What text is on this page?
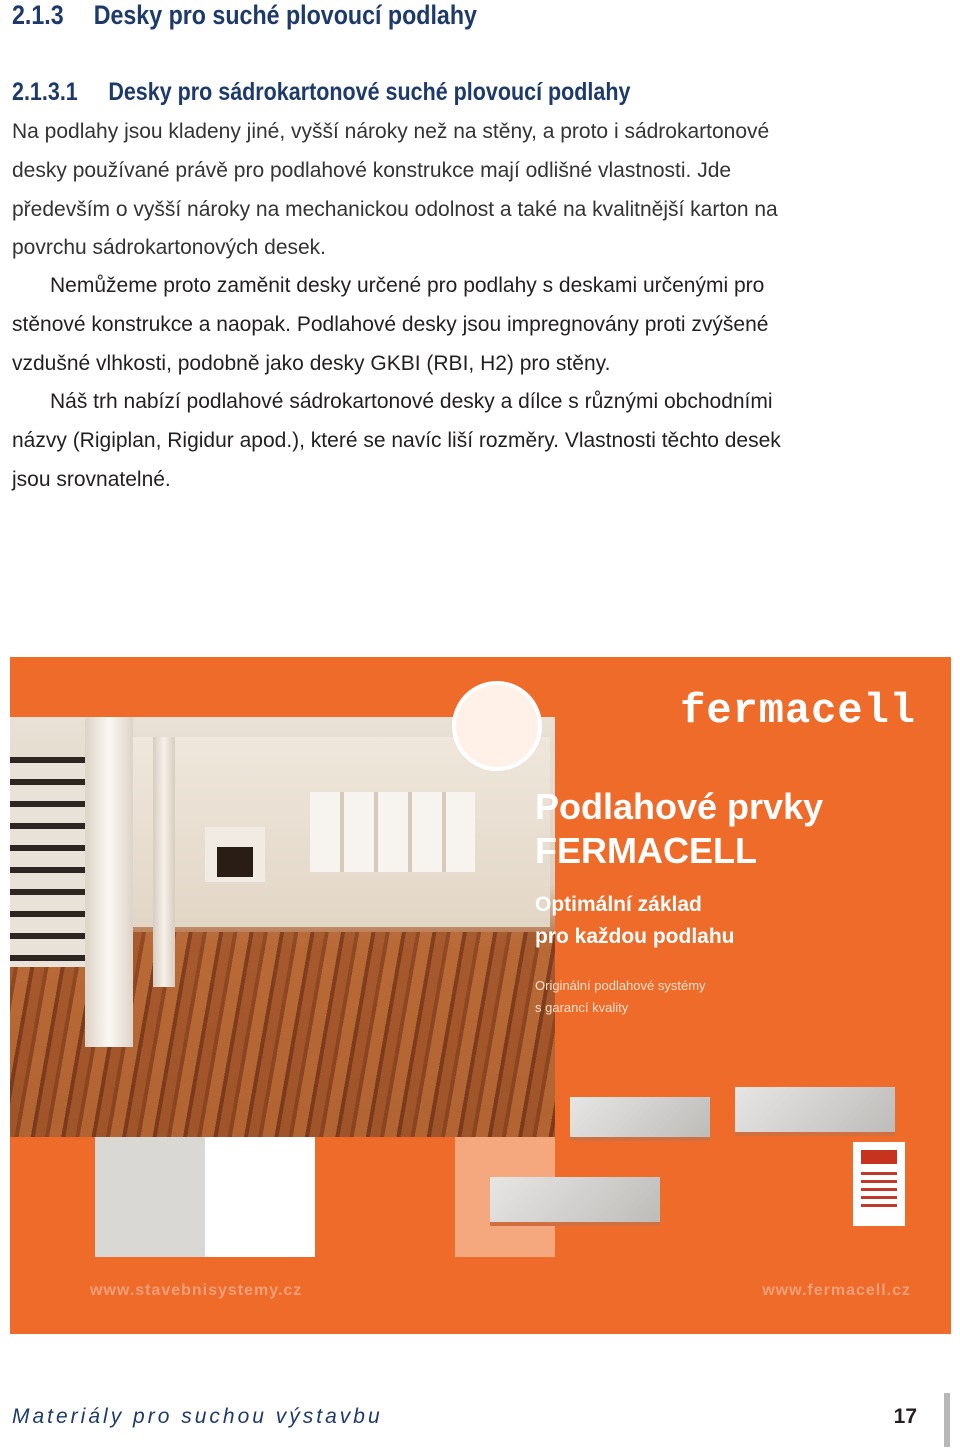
2.1.3 Desky pro suché plovoucí podlahy
2.1.3.1 Desky pro sádrokartonové suché plovoucí podlahy
Na podlahy jsou kladeny jiné, vyšší nároky než na stěny, a proto i sádrokartonové
desky používané právě pro podlahové konstrukce mají odlišné vlastnosti. Jde
především o vyšší nároky na mechanickou odolnost a také na kvalitnější karton na
povrchu sádrokartonových desek.
Nemůžeme proto zaměnit desky určené pro podlahy s deskami určenými pro
stěnové konstrukce a naopak. Podlahové desky jsou impregnovány proti zvýšené
vzdušné vlhkosti, podobně jako desky GKBI (RBI, H2) pro stěny.
Náš trh nabízí podlahové sádrokartonové desky a dílce s různými obchodními
názvy (Rigiplan, Rigidur apod.), které se navíc liší rozměry. Vlastnosti těchto desek
jsou srovnatelné.
fermacell
Podlahové prvky
FERMACELL
Optimální základ
pro každou podlahu
Originální podlahové systémy
s garancí kvality
www.stavebnisystemy.cz	www.fermacell.cz
Materiály pro suchou výstavbu	17
